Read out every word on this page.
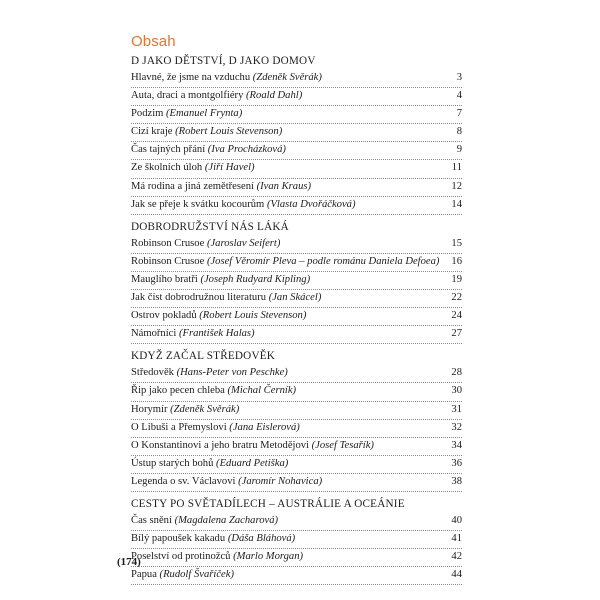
Obsah
D JAKO DĚTSTVÍ, D JAKO DOMOV
Hlavné, že jsme na vzduchu (Zdeněk Svěrák)	3
Auta, draci a montgolfiéry (Roald Dahl)	4
Podzim (Emanuel Frynta)	7
Cizí kraje (Robert Louis Stevenson)	8
Čas tajných přání (Iva Procházková)	9
Ze školních úloh (Jiří Havel)	11
Má rodina a jiná zemětřesení (Ivan Kraus)	12
Jak se přeje k svátku kocourům (Vlasta Dvořáčková)	14
DOBRODRUŽSTVÍ NÁS LÁKÁ
Robinson Crusoe (Jaroslav Seifert)	15
Robinson Crusoe (Josef Věromír Pleva – podle románu Daniela Defoea) 16
Mauglího bratři (Joseph Rudyard Kipling)	19
Jak číst dobrodružnou literaturu (Jan Skácel)	22
Ostrov pokladů (Robert Louis Stevenson)	24
Námořníci (František Halas)	27
KDYŽ ZAČAL STŘEDOVĚK
Středověk (Hans-Peter von Peschke)	28
Řip jako pecen chleba (Michal Černík)	30
Horymír (Zdeněk Svěrák)	31
O Libuši a Přemyslovi (Jana Eislerová)	32
O Konstantinovi a jeho bratru Metodějovi (Josef Tesařík)	34
Ústup starých bohů (Eduard Petiška)	36
Legenda o sv. Václavovi (Jaromír Nohavica)	38
CESTY PO SVĚTADÍLECH – AUSTRÁLIE A OCEÁNIE
Čas snění (Magdalena Zacharová)	40
Bílý papoušek kakadu (Dáša Bláhová)	41
Poselství od protinožců (Marlo Morgan)	42
Papua (Rudolf Švaříček)	44
(174)
